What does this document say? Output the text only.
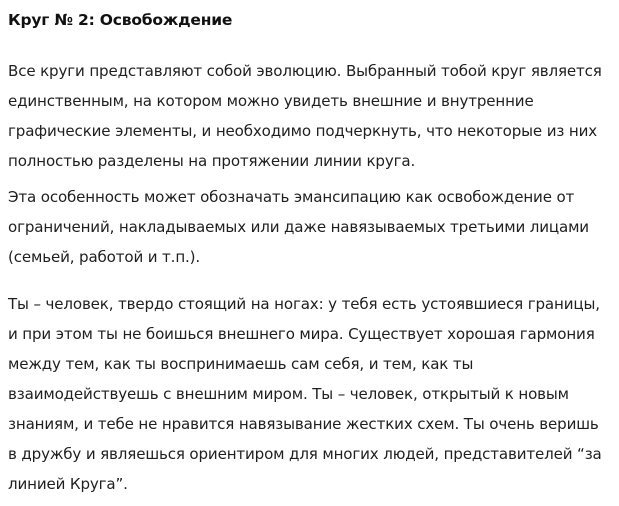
Круг № 2: Освобождение

Все круги представляют собой эволюцию. Выбранный тобой круг является
единственным, на котором можно увидеть внешние и внутренние
графические элементы, и необходимо подчеркнуть, что некоторые из них
полностью разделены на протяжении линии круга.

Эта особенность может обозначать эмансипацию как освобождение от
ограничений, накладываемых или даже навязываемых третьими лицами
(семьей, работой и т.п.).

Ты – человек, твердо стоящий на ногах: у тебя есть устоявшиеся границы,
и при этом ты не боишься внешнего мира. Существует хорошая гармония
между тем, как ты воспринимаешь сам себя, и тем, как ты
взаимодействуешь с внешним миром. Ты – человек, открытый к новым
знаниям, и тебе не нравится навязывание жестких схем. Ты очень веришь
в дружбу и являешься ориентиром для многих людей, представителей “за
линией Круга”.
